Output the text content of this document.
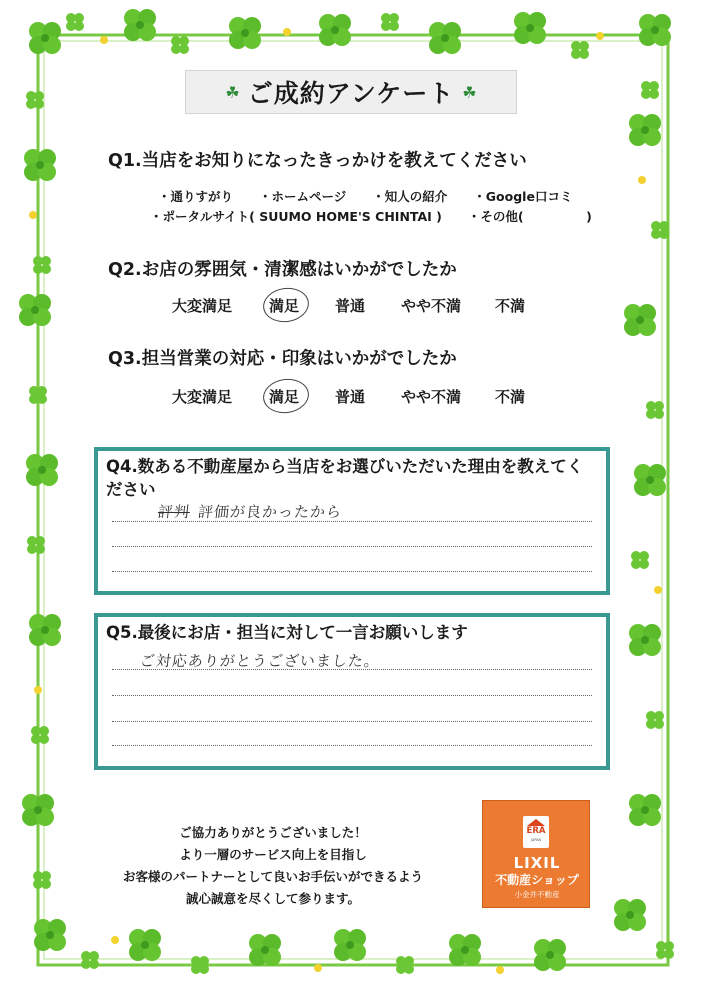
☘ ご成約アンケート ☘
Q1.当店をお知りになったきっかけを教えてください
・通りすがり ・ホームページ ・知人の紹介 ・Google口コミ
・ポータルサイト( SUUMO HOME'S CHINTAI ) ・その他(　　　　　)
Q2.お店の雰囲気・清潔感はいかがでしたか
大変満足	満足	普通	やや不満	不満
Q3.担当営業の対応・印象はいかがでしたか
大変満足	満足	普通	やや不満	不満
Q4.数ある不動産屋から当店をお選びいただいた理由を教えてください
評判 評価が良かったから
Q5.最後にお店・担当に対して一言お願いします
ご対応ありがとうございました。
ご協力ありがとうございました！
より一層のサービス向上を目指し
お客様のパートナーとして良いお手伝いができるよう
誠心誠意を尽くして参ります。
ERA
JAPAN
LIXIL
不動産ショップ
小金井不動産
